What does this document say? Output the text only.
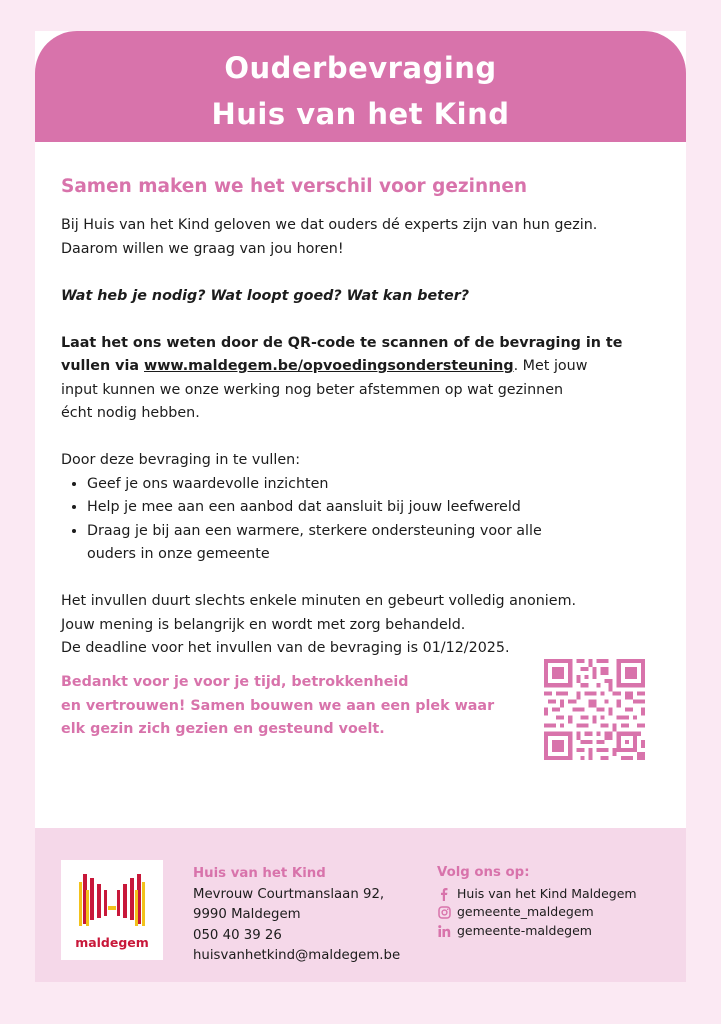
Ouderbevraging
Huis van het Kind
Samen maken we het verschil voor gezinnen

Bij Huis van het Kind geloven we dat ouders dé experts zijn van hun gezin.

Daarom willen we graag van jou horen!

Wat heb je nodig? Wat loopt goed? Wat kan beter?

Laat het ons weten door de QR-code te scannen of de bevraging in te
vullen via www.maldegem.be/opvoedingsondersteuning. Met jouw
input kunnen we onze werking nog beter afstemmen op wat gezinnen
écht nodig hebben.

Door deze bevraging in te vullen:

• Geef je ons waardevolle inzichten
• Help je mee aan een aanbod dat aansluit bij jouw leefwereld
• Draag je bij aan een warmere, sterkere ondersteuning voor alle ouders in onze gemeente

Het invullen duurt slechts enkele minuten en gebeurt volledig anoniem.

Jouw mening is belangrijk en wordt met zorg behandeld.

De deadline voor het invullen van de bevraging is 01/12/2025.

Bedankt voor je voor je tijd, betrokkenheid
en vertrouwen! Samen bouwen we aan een plek waar
elk gezin zich gezien en gesteund voelt.
maldegem
Huis van het Kind
Mevrouw Courtmanslaan 92,
9990 Maldegem
050 40 39 26
huisvanhetkind@maldegem.be
Volg ons op:
Huis van het Kind Maldegem
gemeente_maldegem
gemeente-maldegem
